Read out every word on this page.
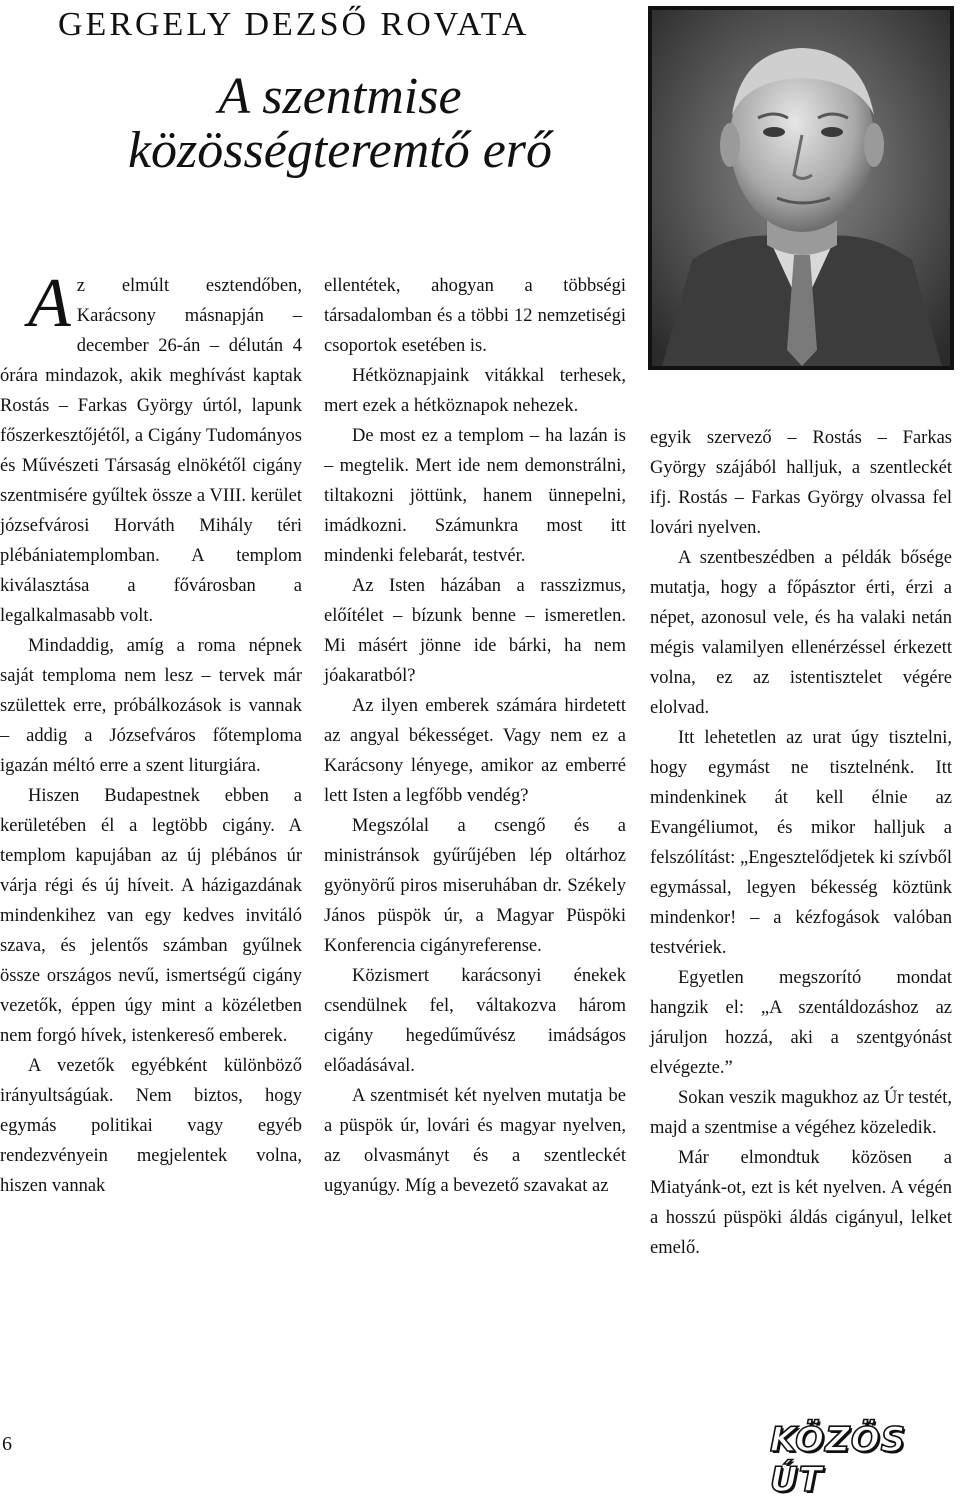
GERGELY DEZSŐ ROVATA
A szentmise
közösségteremtő erő

Az elmúlt esztendőben, Karácsony másnapján – december 26-án – délután 4 órára mindazok, akik meghívást kaptak Rostás – Farkas György úrtól, lapunk főszerkesztőjétől, a Cigány Tudományos és Művészeti Társaság elnökétől cigány szentmisére gyűltek össze a VIII. kerület józsefvárosi Horváth Mihály téri plébániatemplomban. A templom kiválasztása a fővárosban a legalkalmasabb volt.

Mindaddig, amíg a roma népnek saját temploma nem lesz – tervek már születtek erre, próbálkozások is vannak – addig a Józsefváros főtemploma igazán méltó erre a szent liturgiára.

Hiszen Budapestnek ebben a kerületében él a legtöbb cigány. A templom kapujában az új plébános úr várja régi és új híveit. A házigazdának mindenkihez van egy kedves invitáló szava, és jelentős számban gyűlnek össze országos nevű, ismertségű cigány vezetők, éppen úgy mint a közéletben nem forgó hívek, istenkereső emberek.

A vezetők egyébként különböző irányultságúak. Nem biztos, hogy egymás politikai vagy egyéb rendezvényein megjelentek volna, hiszen vannak

ellentétek, ahogyan a többségi társadalomban és a többi 12 nemzetiségi csoportok esetében is.

Hétköznapjaink vitákkal terhesek, mert ezek a hétköznapok nehezek.

De most ez a templom – ha lazán is – megtelik. Mert ide nem demonstrálni, tiltakozni jöttünk, hanem ünnepelni, imádkozni. Számunkra most itt mindenki felebarát, testvér.

Az Isten házában a rasszizmus, előítélet – bízunk benne – ismeretlen. Mi másért jönne ide bárki, ha nem jóakaratból?

Az ilyen emberek számára hirdetett az angyal békességet. Vagy nem ez a Karácsony lényege, amikor az emberré lett Isten a legfőbb vendég?

Megszólal a csengő és a ministránsok gyűrűjében lép oltárhoz gyönyörű piros miseruhában dr. Székely János püspök úr, a Magyar Püspöki Konferencia cigányreferense.

Közismert karácsonyi énekek csendülnek fel, váltakozva három cigány hegedűművész imádságos előadásával.

A szentmisét két nyelven mutatja be a püspök úr, lovári és magyar nyelven, az olvasmányt és a szentleckét ugyanúgy. Míg a bevezető szavakat az

egyik szervező – Rostás – Farkas György szájából halljuk, a szentleckét ifj. Rostás – Farkas György olvassa fel lovári nyelven.

A szentbeszédben a példák bősége mutatja, hogy a főpásztor érti, érzi a népet, azonosul vele, és ha valaki netán mégis valamilyen ellenérzéssel érkezett volna, ez az istentisztelet végére elolvad.

Itt lehetetlen az urat úgy tisztelni, hogy egymást ne tisztelnénk. Itt mindenkinek át kell élnie az Evangéliumot, és mikor halljuk a felszólítást: „Engesztelődjetek ki szívből egymással, legyen békesség köztünk mindenkor! – a kézfogások valóban testvériek.

Egyetlen megszorító mondat hangzik el: „A szentáldozáshoz az járuljon hozzá, aki a szentgyónást elvégezte.”

Sokan veszik magukhoz az Úr testét, majd a szentmise a végéhez közeledik.

Már elmondtuk közösen a Miatyánk-ot, ezt is két nyelven. A végén a hosszú püspöki áldás cigányul, lelket emelő.

6	KÖZÖS ÚT
